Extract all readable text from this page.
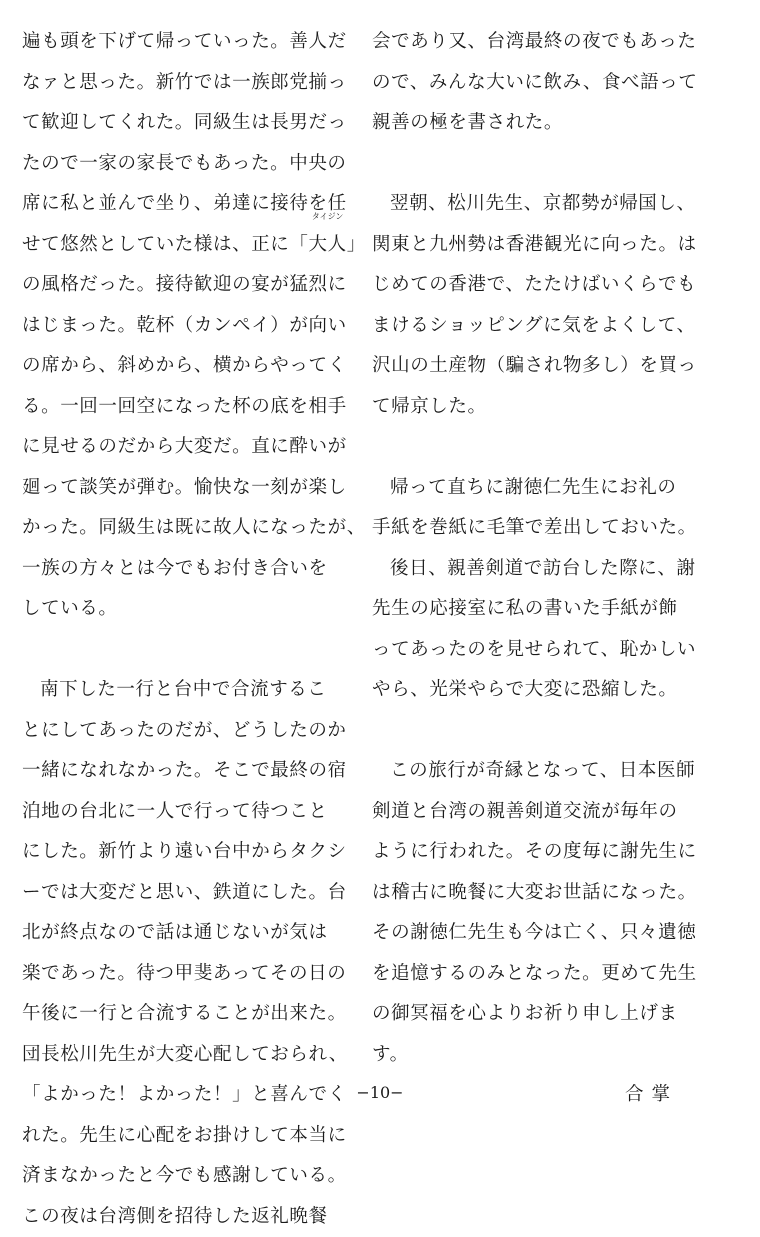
遍も頭を下げて帰っていった。善人だ
なァと思った。新竹では一族郎党揃っ
て歓迎してくれた。同級生は長男だっ
たので一家の家長でもあった。中央の
席に私と並んで坐り、弟達に接待を任
せて悠然としていた様は、正に「
タイジン
大人」
の風格だった。接待歓迎の宴が猛烈に
はじまった。乾杯（カンペイ）が向い
の席から、斜めから、横からやってく
る。一回一回空になった杯の底を相手
に見せるのだから大変だ。直に酔いが
廻って談笑が弾む。愉快な一刻が楽し
かった。同級生は既に故人になったが、
一族の方々とは今でもお付き合いを
している。
南下した一行と台中で合流するこ
とにしてあったのだが、どうしたのか
一緒になれなかった。そこで最終の宿
泊地の台北に一人で行って待つこと
にした。新竹より遠い台中からタクシ
ーでは大変だと思い、鉄道にした。台
北が終点なので話は通じないが気は
楽であった。待つ甲斐あってその日の
午後に一行と合流することが出来た。
団長松川先生が大変心配しておられ、
「よかった！よかった！」と喜んでく
れた。先生に心配をお掛けして本当に
済まなかったと今でも感謝している。
この夜は台湾側を招待した返礼晩餐
会であり又、台湾最終の夜でもあった
ので、みんな大いに飲み、食べ語って
親善の極を書された。
翌朝、松川先生、京都勢が帰国し、
関東と九州勢は香港観光に向った。は
じめての香港で、たたけばいくらでも
まけるショッピングに気をよくして、
沢山の土産物（騙され物多し）を買っ
て帰京した。
帰って直ちに謝徳仁先生にお礼の
手紙を巻紙に毛筆で差出しておいた。
後日、親善剣道で訪台した際に、謝
先生の応接室に私の書いた手紙が飾
ってあったのを見せられて、恥かしい
やら、光栄やらで大変に恐縮した。
この旅行が奇縁となって、日本医師
剣道と台湾の親善剣道交流が毎年の
ように行われた。その度毎に謝先生に
は稽古に晩餐に大変お世話になった。
その謝徳仁先生も今は亡く、只々遺徳
を追憶するのみとなった。更めて先生
の御冥福を心よりお祈り申し上げま
す。
合掌
−10−
